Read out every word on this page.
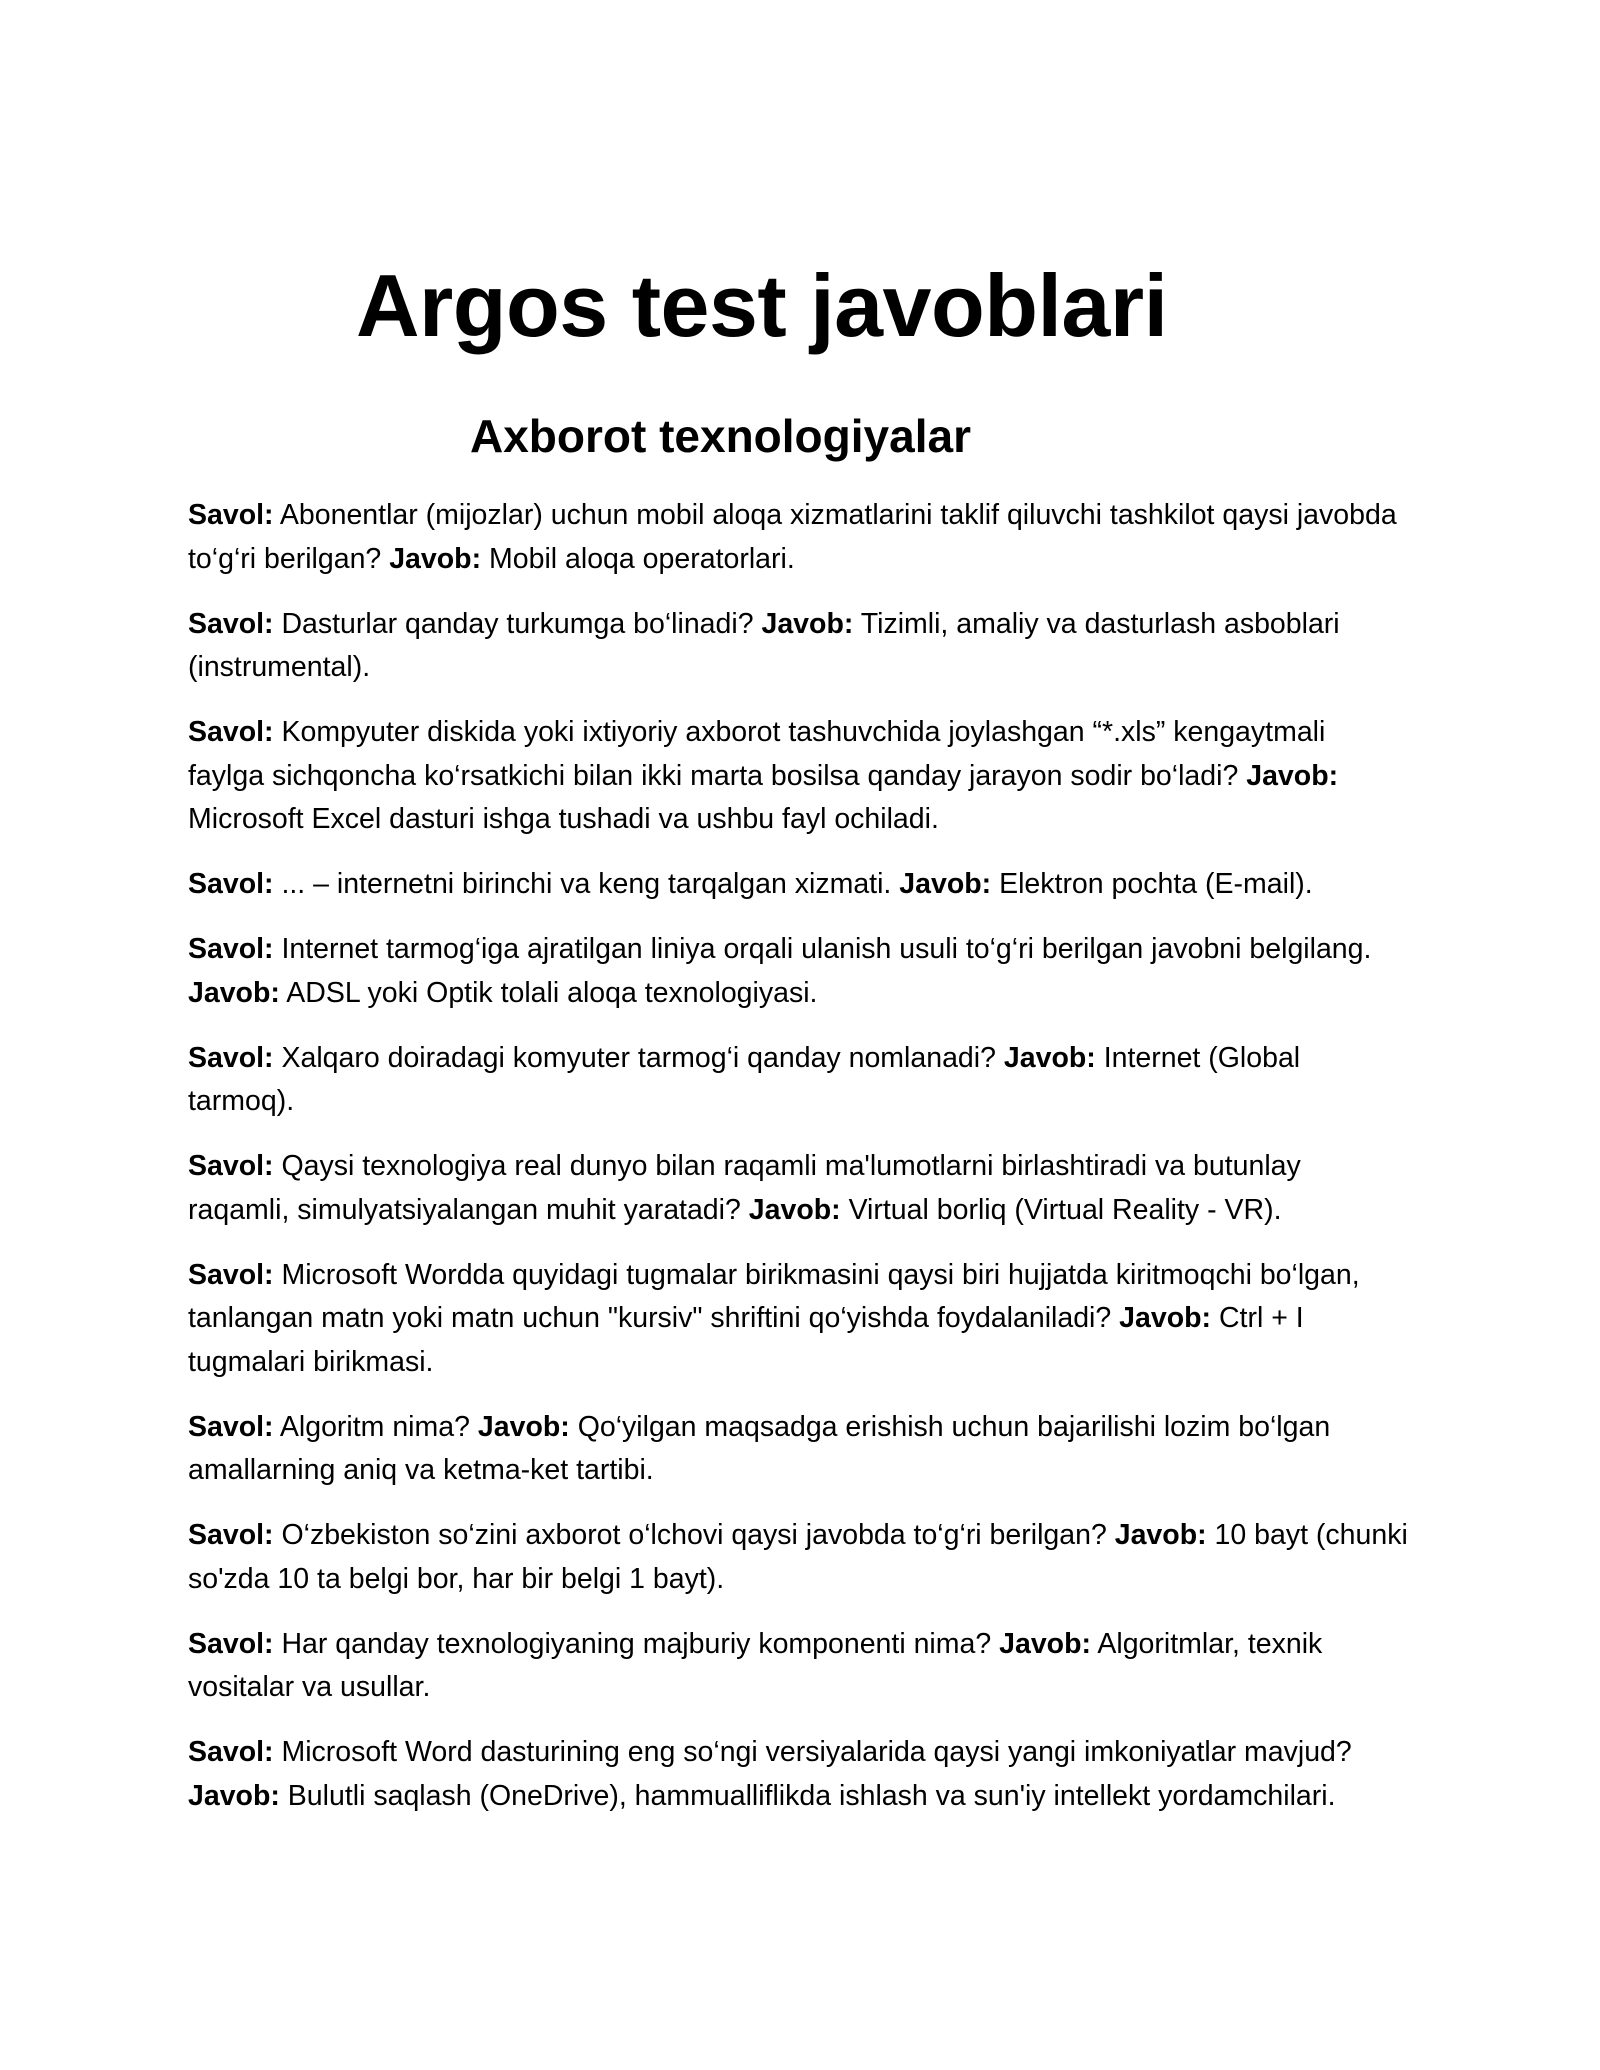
Argos test javoblari
Axborot texnologiyalar

Savol: Abonentlar (mijozlar) uchun mobil aloqa xizmatlarini taklif qiluvchi tashkilot qaysi javobda to‘g‘ri berilgan? Javob: Mobil aloqa operatorlari.

Savol: Dasturlar qanday turkumga bo‘linadi? Javob: Tizimli, amaliy va dasturlash asboblari (instrumental).

Savol: Kompyuter diskida yoki ixtiyoriy axborot tashuvchida joylashgan “*.xls” kengaytmali faylga sichqoncha ko‘rsatkichi bilan ikki marta bosilsa qanday jarayon sodir bo‘ladi? Javob: Microsoft Excel dasturi ishga tushadi va ushbu fayl ochiladi.

Savol: ... – internetni birinchi va keng tarqalgan xizmati. Javob: Elektron pochta (E-mail).

Savol: Internet tarmog‘iga ajratilgan liniya orqali ulanish usuli to‘g‘ri berilgan javobni belgilang. Javob: ADSL yoki Optik tolali aloqa texnologiyasi.

Savol: Xalqaro doiradagi komyuter tarmog‘i qanday nomlanadi? Javob: Internet (Global tarmoq).

Savol: Qaysi texnologiya real dunyo bilan raqamli ma'lumotlarni birlashtiradi va butunlay raqamli, simulyatsiyalangan muhit yaratadi? Javob: Virtual borliq (Virtual Reality - VR).

Savol: Microsoft Wordda quyidagi tugmalar birikmasini qaysi biri hujjatda kiritmoqchi bo‘lgan, tanlangan matn yoki matn uchun "kursiv" shriftini qo‘yishda foydalaniladi? Javob: Ctrl + I tugmalari birikmasi.

Savol: Algoritm nima? Javob: Qo‘yilgan maqsadga erishish uchun bajarilishi lozim bo‘lgan amallarning aniq va ketma-ket tartibi.

Savol: O‘zbekiston so‘zini axborot o‘lchovi qaysi javobda to‘g‘ri berilgan? Javob: 10 bayt (chunki so'zda 10 ta belgi bor, har bir belgi 1 bayt).

Savol: Har qanday texnologiyaning majburiy komponenti nima? Javob: Algoritmlar, texnik vositalar va usullar.

Savol: Microsoft Word dasturining eng so‘ngi versiyalarida qaysi yangi imkoniyatlar mavjud? Javob: Bulutli saqlash (OneDrive), hammualliflikda ishlash va sun'iy intellekt yordamchilari.
